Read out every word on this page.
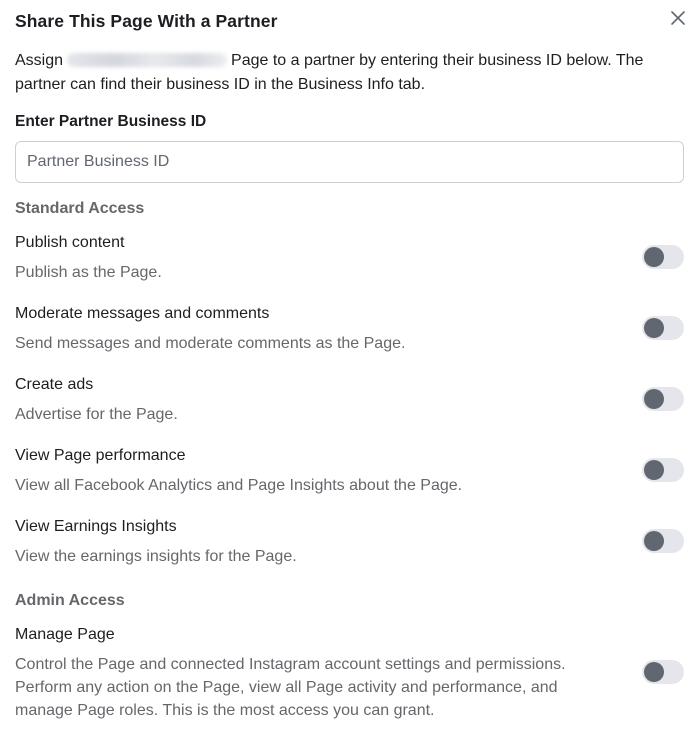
Share This Page With a Partner
Assign	Page to a partner by entering their business ID below. The partner can find their business ID in the Business Info tab.
Enter Partner Business ID
Partner Business ID
Standard Access
Publish content
Publish as the Page.
Moderate messages and comments
Send messages and moderate comments as the Page.
Create ads
Advertise for the Page.
View Page performance
View all Facebook Analytics and Page Insights about the Page.
View Earnings Insights
View the earnings insights for the Page.
Admin Access
Manage Page
Control the Page and connected Instagram account settings and permissions. Perform any action on the Page, view all Page activity and performance, and manage Page roles. This is the most access you can grant.
